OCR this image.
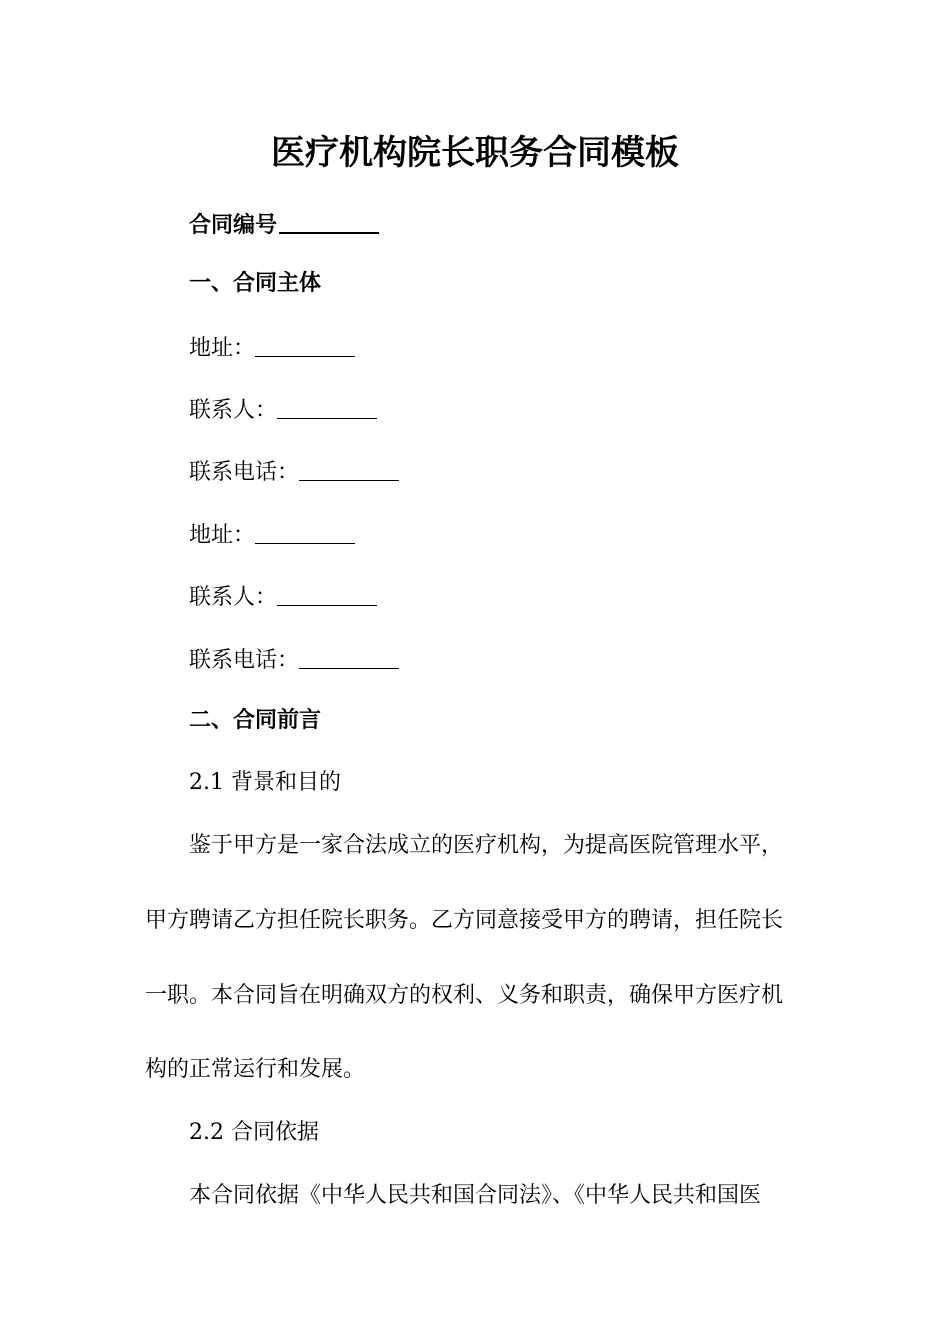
医疗机构院长职务合同模板
合同编号
一、合同主体
地址：
联系人：
联系电话：
地址：
联系人：
联系电话：
二、合同前言
2.1 背景和目的
鉴于甲方是一家合法成立的医疗机构，为提高医院管理水平，
甲方聘请乙方担任院长职务。乙方同意接受甲方的聘请，担任院长
一职。本合同旨在明确双方的权利、义务和职责，确保甲方医疗机
构的正常运行和发展。
2.2 合同依据
本合同依据《中华人民共和国合同法》、《中华人民共和国医
